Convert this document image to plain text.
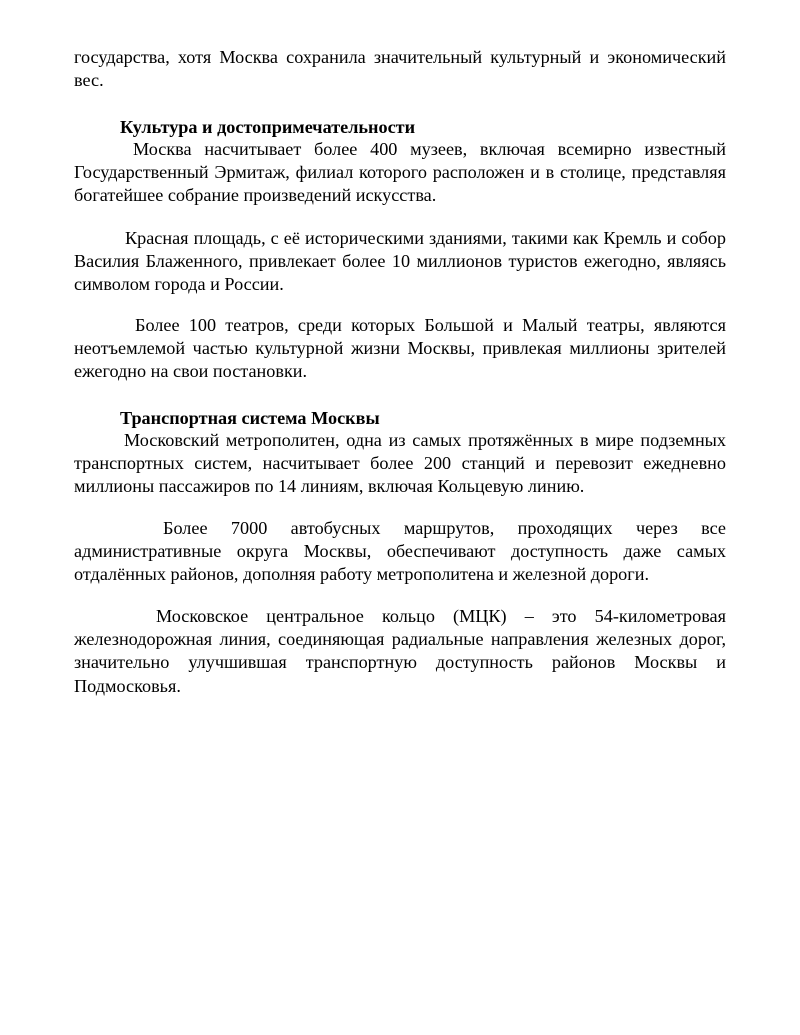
государства, хотя Москва сохранила значительный культурный и экономический
вес.
Культура и достопримечательности
Москва насчитывает более 400 музеев, включая всемирно известный
Государственный Эрмитаж, филиал которого расположен и в столице, представляя
богатейшее собрание произведений искусства.
Красная площадь, с её историческими зданиями, такими как Кремль и собор
Василия Блаженного, привлекает более 10 миллионов туристов ежегодно, являясь
символом города и России.
Более 100 театров, среди которых Большой и Малый театры, являются
неотъемлемой частью культурной жизни Москвы, привлекая миллионы зрителей
ежегодно на свои постановки.
Транспортная система Москвы
Московский метрополитен, одна из самых протяжённых в мире подземных
транспортных систем, насчитывает более 200 станций и перевозит ежедневно
миллионы пассажиров по 14 линиям, включая Кольцевую линию.
Более 7000 автобусных маршрутов, проходящих через все
административные округа Москвы, обеспечивают доступность даже самых
отдалённых районов, дополняя работу метрополитена и железной дороги.
Московское центральное кольцо (МЦК) – это 54-километровая
железнодорожная линия, соединяющая радиальные направления железных дорог,
значительно улучшившая транспортную доступность районов Москвы и
Подмосковья.
